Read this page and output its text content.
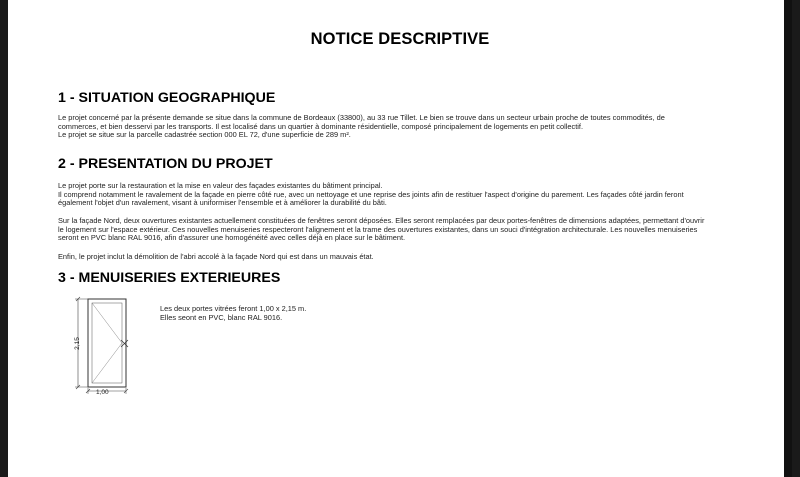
NOTICE DESCRIPTIVE
1 - SITUATION GEOGRAPHIQUE
Le projet concerné par la présente demande se situe dans la commune de Bordeaux (33800), au 33 rue Tillet. Le bien se trouve dans un secteur urbain proche de toutes commodités, de
commerces, et bien desservi par les transports. Il est localisé dans un quartier à dominante résidentielle, composé principalement de logements en petit collectif.
Le projet se situe sur la parcelle cadastrée section 000 EL 72, d'une superficie de 289 m².
2 - PRESENTATION DU PROJET
Le projet porte sur la restauration et la mise en valeur des façades existantes du bâtiment principal.
Il comprend notamment le ravalement de la façade en pierre côté rue, avec un nettoyage et une reprise des joints afin de restituer l'aspect d'origine du parement. Les façades côté jardin feront
également l'objet d'un ravalement, visant à uniformiser l'ensemble et à améliorer la durabilité du bâti.
Sur la façade Nord, deux ouvertures existantes actuellement constituées de fenêtres seront déposées. Elles seront remplacées par deux portes-fenêtres de dimensions adaptées, permettant d'ouvrir
le logement sur l'espace extérieur. Ces nouvelles menuiseries respecteront l'alignement et la trame des ouvertures existantes, dans un souci d'intégration architecturale. Les nouvelles menuiseries
seront en PVC blanc RAL 9016, afin d'assurer une homogénéité avec celles déjà en place sur le bâtiment.
Enfin, le projet inclut la démolition de l'abri accolé à la façade Nord qui est dans un mauvais état.
3 - MENUISERIES EXTERIEURES
2,15
1,00
Les deux portes vitrées feront 1,00 x 2,15 m.
Elles seont en PVC, blanc RAL 9016.
